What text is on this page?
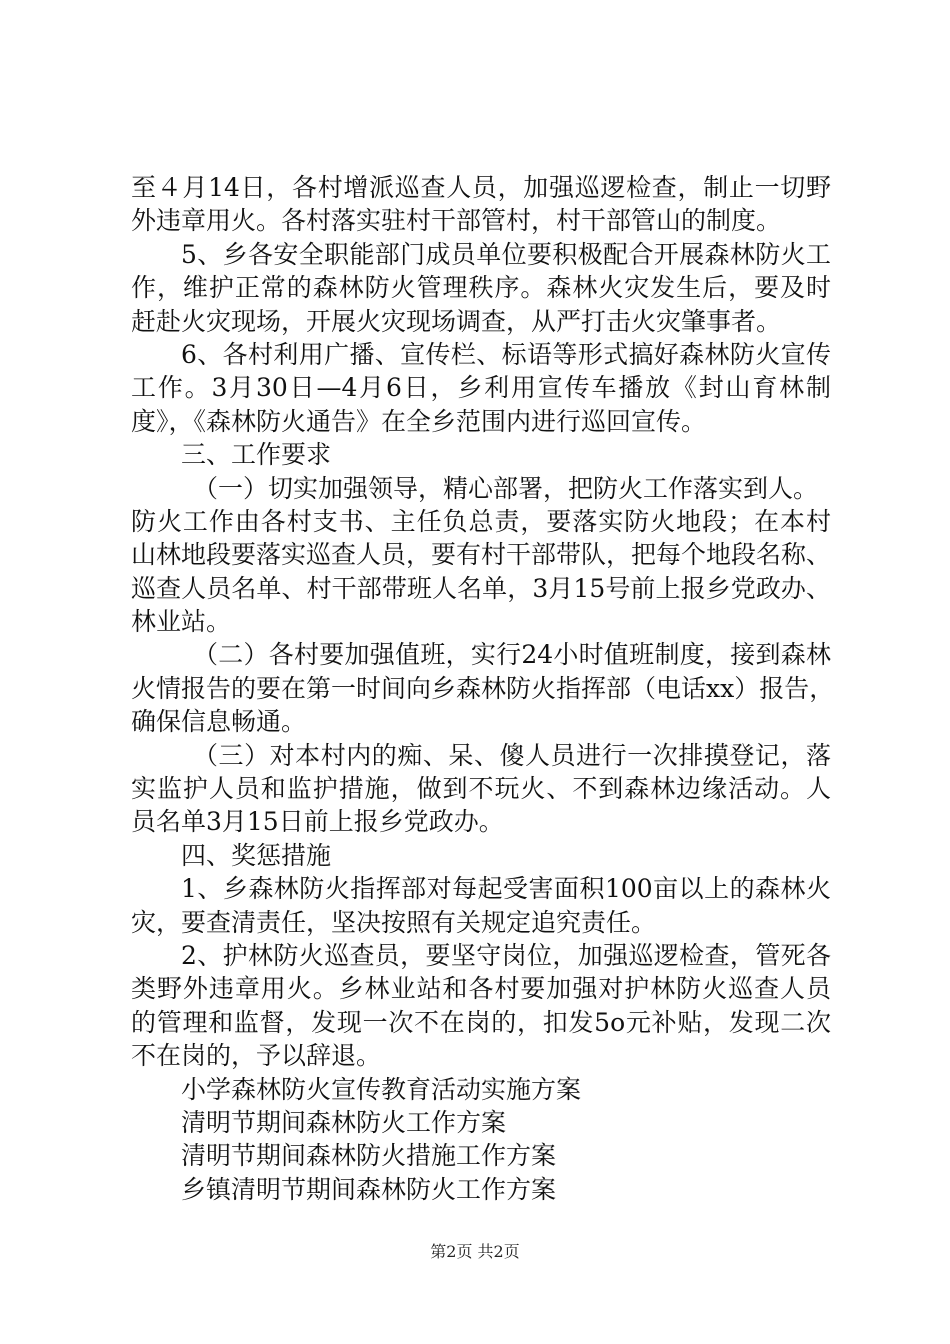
至４月14日，各村增派巡查人员，加强巡逻检查，制止一切野
外违章用火。各村落实驻村干部管村，村干部管山的制度。
5、乡各安全职能部门成员单位要积极配合开展森林防火工
作，维护正常的森林防火管理秩序。森林火灾发生后，要及时
赶赴火灾现场，开展火灾现场调查，从严打击火灾肇事者。
6、各村利用广播、宣传栏、标语等形式搞好森林防火宣传
工作。3月30日—4月6日，乡利用宣传车播放《封山育林制
度》，《森林防火通告》在全乡范围内进行巡回宣传。
三、工作要求
（一）切实加强领导，精心部署，把防火工作落实到人。
防火工作由各村支书、主任负总责，要落实防火地段；在本村
山林地段要落实巡查人员，要有村干部带队，把每个地段名称、
巡查人员名单、村干部带班人名单，3月15号前上报乡党政办、
林业站。
（二）各村要加强值班，实行24小时值班制度，接到森林
火情报告的要在第一时间向乡森林防火指挥部（电话xx）报告，
确保信息畅通。
（三）对本村内的痴、呆、傻人员进行一次排摸登记，落
实监护人员和监护措施，做到不玩火、不到森林边缘活动。人
员名单3月15日前上报乡党政办。
四、奖惩措施
1、乡森林防火指挥部对每起受害面积100亩以上的森林火
灾，要查清责任，坚决按照有关规定追究责任。
2、护林防火巡查员，要坚守岗位，加强巡逻检查，管死各
类野外违章用火。乡林业站和各村要加强对护林防火巡查人员
的管理和监督，发现一次不在岗的，扣发5o元补贴，发现二次
不在岗的，予以辞退。
小学森林防火宣传教育活动实施方案
清明节期间森林防火工作方案
清明节期间森林防火措施工作方案
乡镇清明节期间森林防火工作方案
第2页 共2页
